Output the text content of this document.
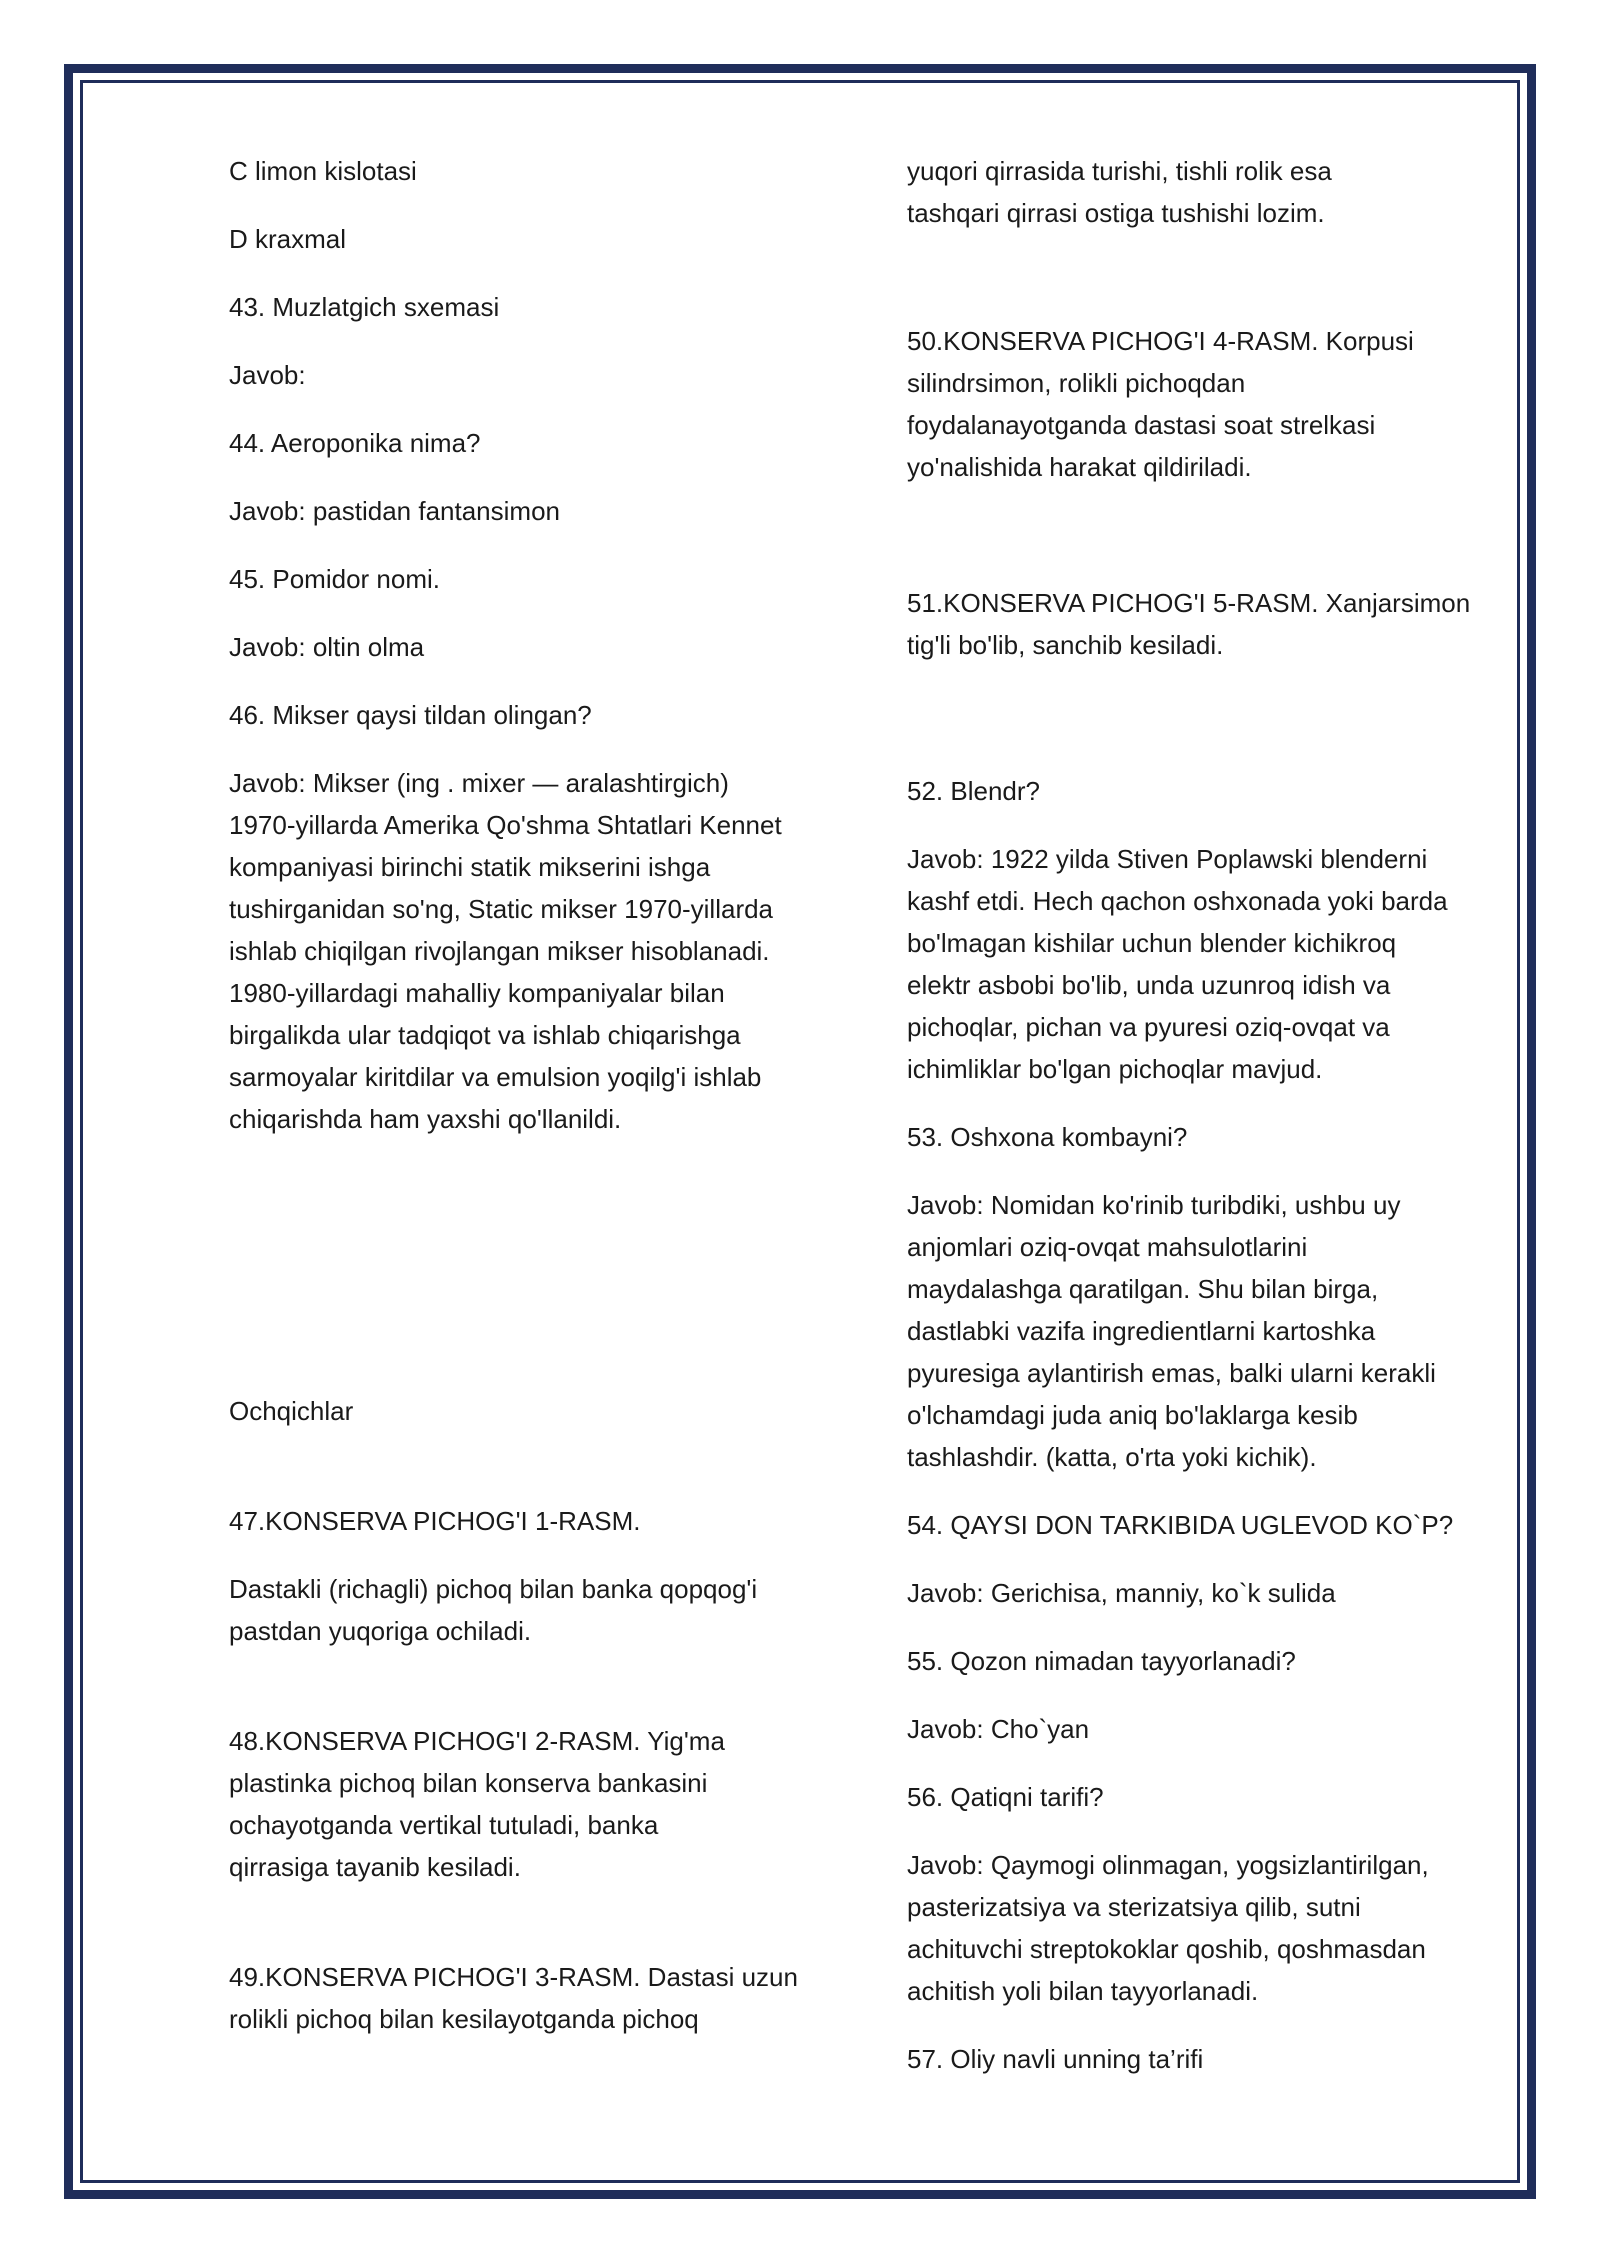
C limon kislotasi

D kraxmal

43. Muzlatgich sxemasi

Javob:

44. Aeroponika nima?

Javob: pastidan fantansimon

45. Pomidor nomi.

Javob: oltin olma

46. Mikser qaysi tildan olingan?

Javob: Mikser (ing . mixer — aralashtirgich)
1970-yillarda Amerika Qo'shma Shtatlari Kennet
kompaniyasi birinchi statik mikserini ishga
tushirganidan so'ng, Static mikser 1970-yillarda
ishlab chiqilgan rivojlangan mikser hisoblanadi.
1980-yillardagi mahalliy kompaniyalar bilan
birgalikda ular tadqiqot va ishlab chiqarishga
sarmoyalar kiritdilar va emulsion yoqilg'i ishlab
chiqarishda ham yaxshi qo'llanildi.

Ochqichlar

47.KONSERVA PICHOG'I 1-RASM.

Dastakli (richagli) pichoq bilan banka qopqog'i
pastdan yuqoriga ochiladi.

48.KONSERVA PICHOG'I 2-RASM. Yig'ma
plastinka pichoq bilan konserva bankasini
ochayotganda vertikal tutuladi, banka
qirrasiga tayanib kesiladi.

49.KONSERVA PICHOG'I 3-RASM. Dastasi uzun
rolikli pichoq bilan kesilayotganda pichoq

yuqori qirrasida turishi, tishli rolik esa
tashqari qirrasi ostiga tushishi lozim.

50.KONSERVA PICHOG'I 4-RASM. Korpusi
silindrsimon, rolikli pichoqdan
foydalanayotganda dastasi soat strelkasi
yo'nalishida harakat qildiriladi.

51.KONSERVA PICHOG'I 5-RASM. Xanjarsimon
tig'li bo'lib, sanchib kesiladi.

52. Blendr?

Javob: 1922 yilda Stiven Poplawski blenderni
kashf etdi. Hech qachon oshxonada yoki barda
bo'lmagan kishilar uchun blender kichikroq
elektr asbobi bo'lib, unda uzunroq idish va
pichoqlar, pichan va pyuresi oziq-ovqat va
ichimliklar bo'lgan pichoqlar mavjud.

53. Oshxona kombayni?

Javob: Nomidan ko'rinib turibdiki, ushbu uy
anjomlari oziq-ovqat mahsulotlarini
maydalashga qaratilgan. Shu bilan birga,
dastlabki vazifa ingredientlarni kartoshka
pyuresiga aylantirish emas, balki ularni kerakli
o'lchamdagi juda aniq bo'laklarga kesib
tashlashdir. (katta, o'rta yoki kichik).

54. QAYSI DON TARKIBIDA UGLEVOD KO`P?

Javob: Gerichisa, manniy, ko`k sulida

55. Qozon nimadan tayyorlanadi?

Javob: Cho`yan

56. Qatiqni tarifi?

Javob: Qaymogi olinmagan, yogsizlantirilgan,
pasterizatsiya va sterizatsiya qilib, sutni
achituvchi streptokoklar qoshib, qoshmasdan
achitish yoli bilan tayyorlanadi.

57. Oliy navli unning ta’rifi
